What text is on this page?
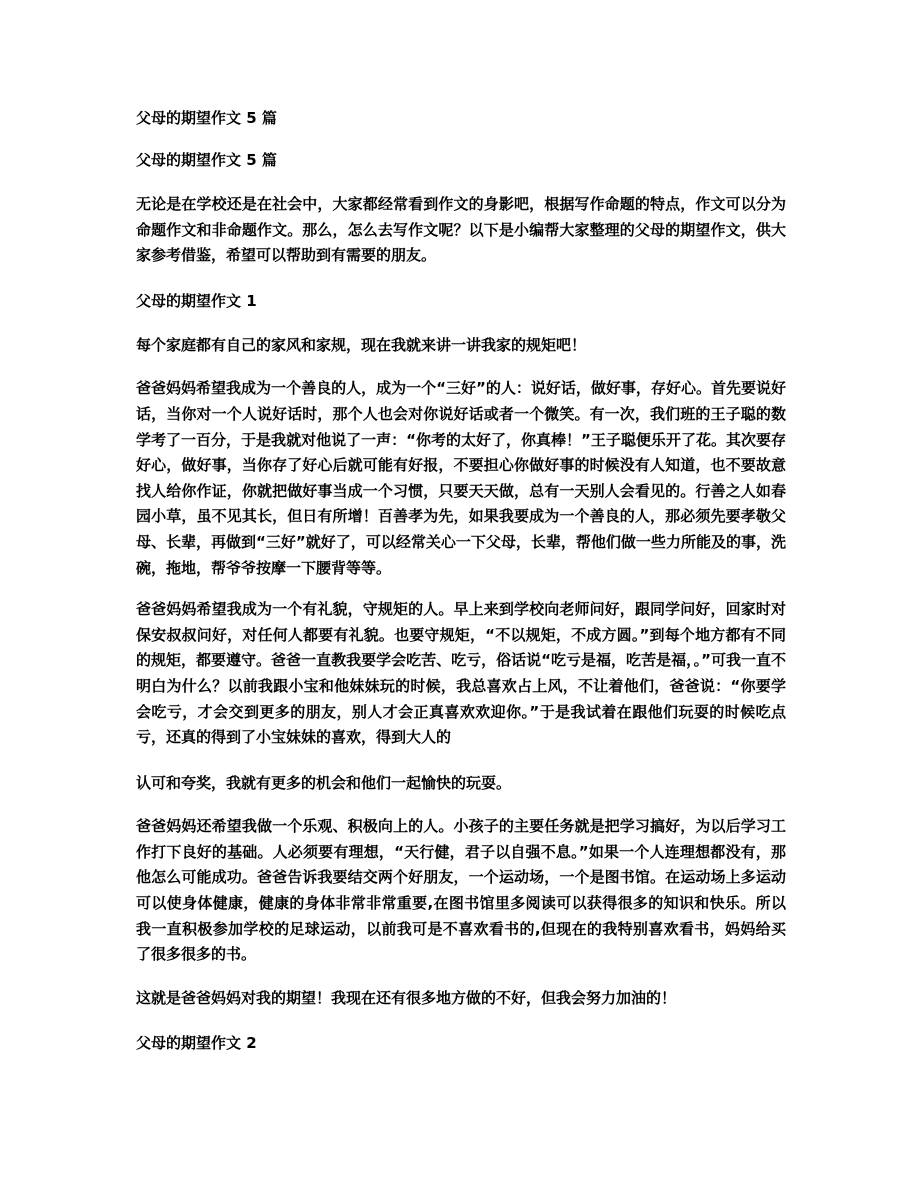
父母的期望作文 5 篇
父母的期望作文 5 篇

无论是在学校还是在社会中，大家都经常看到作文的身影吧，根据写作命题的特点，作文可以分为命题作文和非命题作文。那么，怎么去写作文呢？以下是小编帮大家整理的父母的期望作文，供大家参考借鉴，希望可以帮助到有需要的朋友。

父母的期望作文 1

每个家庭都有自己的家风和家规，现在我就来讲一讲我家的规矩吧！

爸爸妈妈希望我成为一个善良的人，成为一个“三好”的人：说好话，做好事，存好心。首先要说好话，当你对一个人说好话时，那个人也会对你说好话或者一个微笑。有一次，我们班的王子聪的数学考了一百分，于是我就对他说了一声：“你考的太好了，你真棒！”王子聪便乐开了花。其次要存好心，做好事，当你存了好心后就可能有好报，不要担心你做好事的时候没有人知道，也不要故意找人给你作证，你就把做好事当成一个习惯，只要天天做，总有一天别人会看见的。行善之人如春园小草，虽不见其长，但日有所增！百善孝为先，如果我要成为一个善良的人，那必须先要孝敬父母、长辈，再做到“三好”就好了，可以经常关心一下父母，长辈，帮他们做一些力所能及的事，洗碗，拖地，帮爷爷按摩一下腰背等等。

爸爸妈妈希望我成为一个有礼貌，守规矩的人。早上来到学校向老师问好，跟同学问好，回家时对保安叔叔问好，对任何人都要有礼貌。也要守规矩，“不以规矩，不成方圆。”到每个地方都有不同的规矩，都要遵守。爸爸一直教我要学会吃苦、吃亏，俗话说“吃亏是福，吃苦是福，。”可我一直不明白为什么？以前我跟小宝和他妹妹玩的时候，我总喜欢占上风，不让着他们，爸爸说：“你要学会吃亏，才会交到更多的朋友，别人才会正真喜欢欢迎你。”于是我试着在跟他们玩耍的时候吃点亏，还真的得到了小宝妹妹的喜欢，得到大人的

认可和夸奖，我就有更多的机会和他们一起愉快的玩耍。

爸爸妈妈还希望我做一个乐观、积极向上的人。小孩子的主要任务就是把学习搞好，为以后学习工作打下良好的基础。人必须要有理想，“天行健，君子以自强不息。”如果一个人连理想都没有，那他怎么可能成功。爸爸告诉我要结交两个好朋友，一个运动场，一个是图书馆。在运动场上多运动可以使身体健康，健康的身体非常非常重要,在图书馆里多阅读可以获得很多的知识和快乐。所以我一直积极参加学校的足球运动，以前我可是不喜欢看书的,但现在的我特别喜欢看书，妈妈给买了很多很多的书。

这就是爸爸妈妈对我的期望！我现在还有很多地方做的不好，但我会努力加油的！

父母的期望作文 2
